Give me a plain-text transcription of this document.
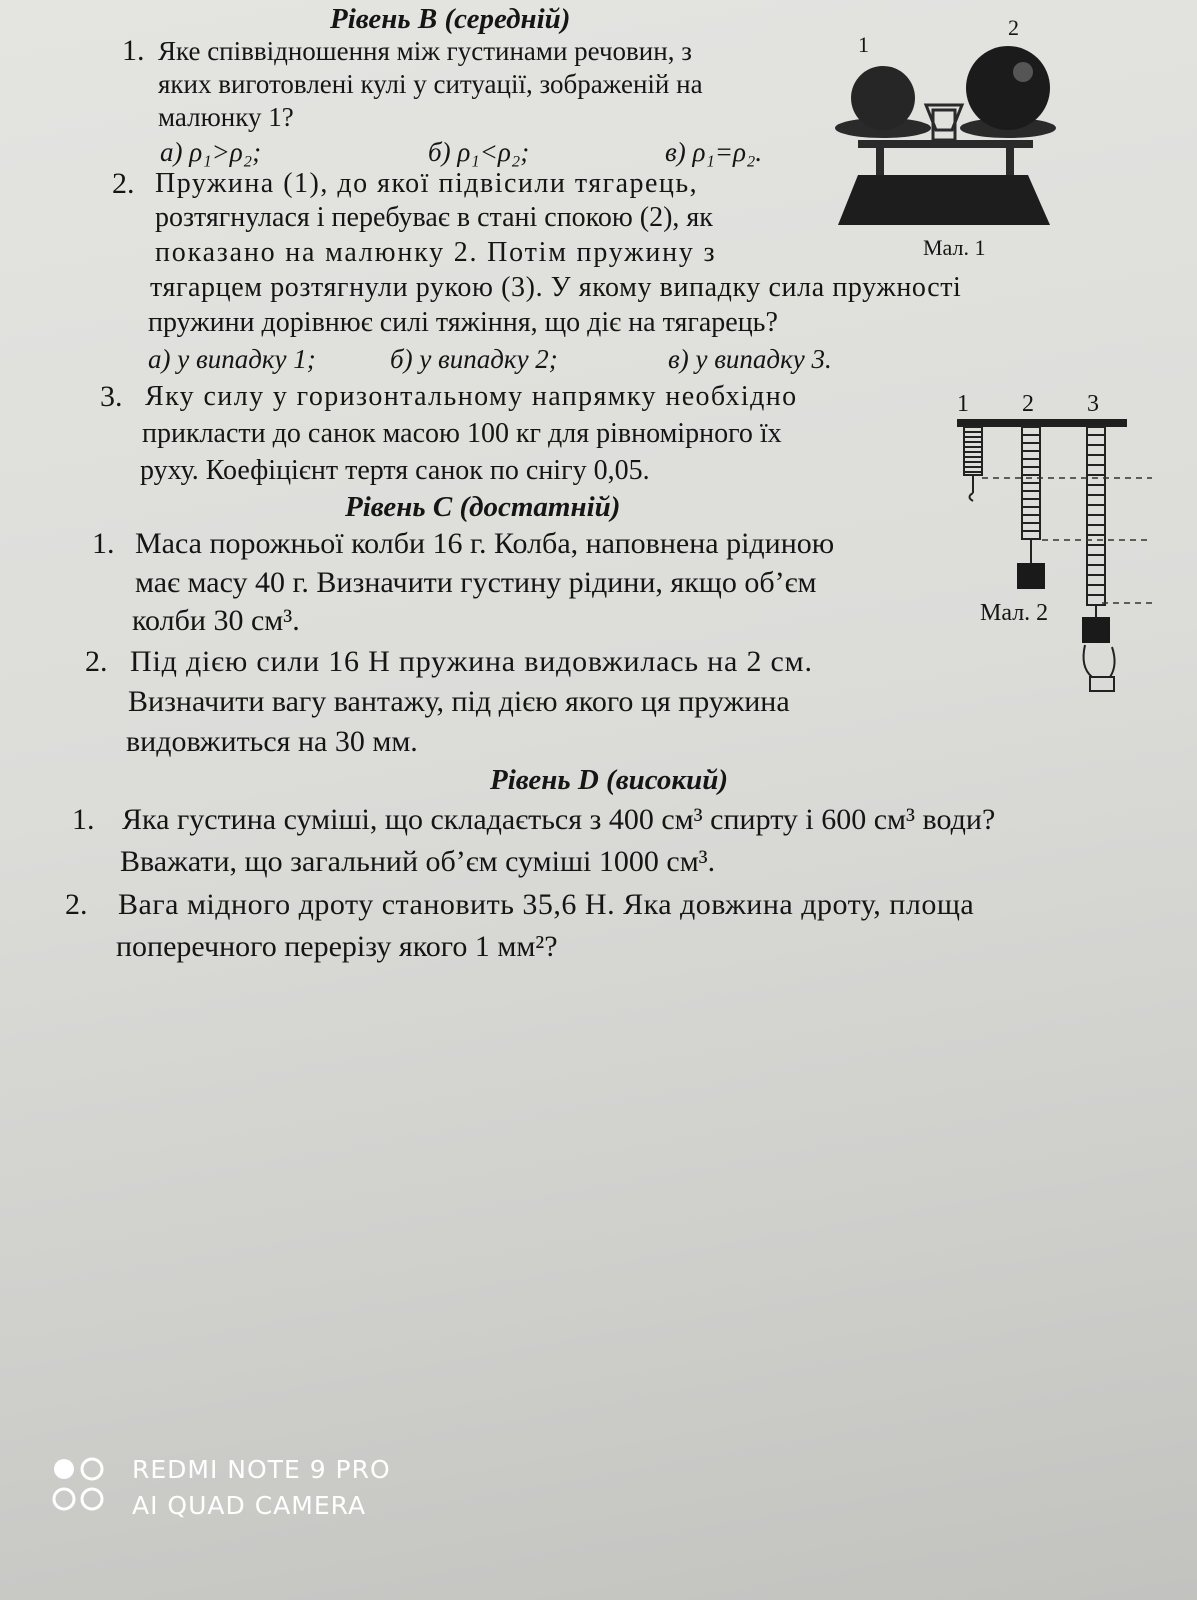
Рівень В (середній)
1. Яке співвідношення між густинами речовин, з
яких виготовлені кулі у ситуації, зображеній на
малюнку 1?
а) ρ₁>ρ₂;	б) ρ₁<ρ₂;	в) ρ₁=ρ₂.
2. Пружина (1), до якої підвісили тягарець,
розтягнулася і перебуває в стані спокою (2), як
показано на малюнку 2. Потім пружину з
тягарцем розтягнули рукою (3). У якому випадку сила пружності
пружини дорівнює силі тяжіння, що діє на тягарець?
а) у випадку 1;	б) у випадку 2;	в) у випадку 3.
3. Яку силу у горизонтальному напрямку необхідно
прикласти до санок масою 100 кг для рівномірного їх
руху. Коефіцієнт тертя санок по снігу 0,05.
Рівень С (достатній)
1. Маса порожньої колби 16 г. Колба, наповнена рідиною
має масу 40 г. Визначити густину рідини, якщо об’єм
колби 30 см³.
2. Під дією сили 16 Н пружина видовжилась на 2 см.
Визначити вагу вантажу, під дією якого ця пружина
видовжиться на 30 мм.
Рівень D (високий)
1. Яка густина суміші, що складається з 400 см³ спирту і 600 см³ води?
Вважати, що загальний об’єм суміші 1000 см³.
2. Вага мідного дроту становить 35,6 Н. Яка довжина дроту, площа
поперечного перерізу якого 1 мм²?
1
2
Мал. 1
1 2 3
Мал. 2
REDMI NOTE 9 PRO
AI QUAD CAMERA
